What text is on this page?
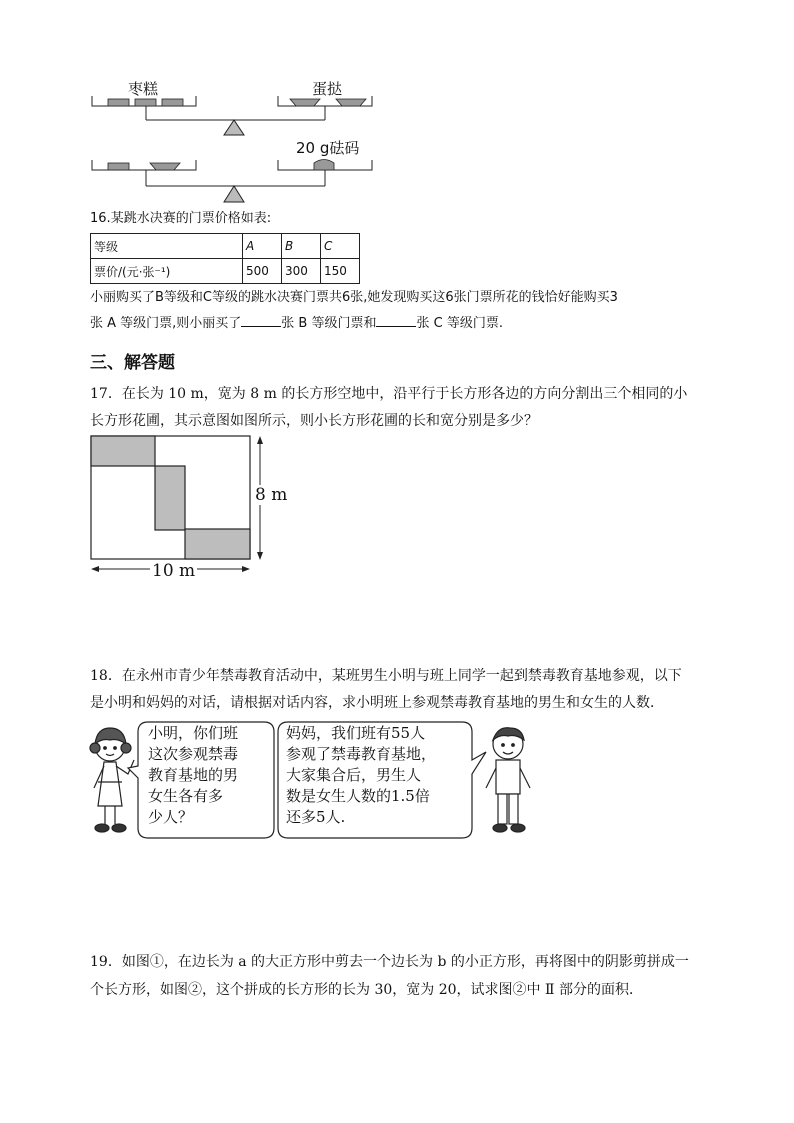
枣糕	蛋挞
20 g砝码
16.某跳水决赛的门票价格如表:
等级	A	B	C
票价/(元·张⁻¹)	500	300	150
小丽购买了B等级和C等级的跳水决赛门票共6张,她发现购买这6张门票所花的钱恰好能购买3
张 A 等级门票,则小丽买了	张 B 等级门票和	张 C 等级门票.
三、解答题
17．在长为 10 m，宽为 8 m 的长方形空地中，沿平行于长方形各边的方向分割出三个相同的小
长方形花圃，其示意图如图所示，则小长方形花圃的长和宽分别是多少？
8 m
10 m
18．在永州市青少年禁毒教育活动中，某班男生小明与班上同学一起到禁毒教育基地参观，以下
是小明和妈妈的对话，请根据对话内容，求小明班上参观禁毒教育基地的男生和女生的人数．
小明，你们班
这次参观禁毒
教育基地的男
女生各有多
少人？
妈妈，我们班有55人
参观了禁毒教育基地，
大家集合后，男生人
数是女生人数的1.5倍
还多5人.
19．如图①，在边长为 a 的大正方形中剪去一个边长为 b 的小正方形，再将图中的阴影剪拼成一
个长方形，如图②，这个拼成的长方形的长为 30，宽为 20，试求图②中 Ⅱ 部分的面积．
